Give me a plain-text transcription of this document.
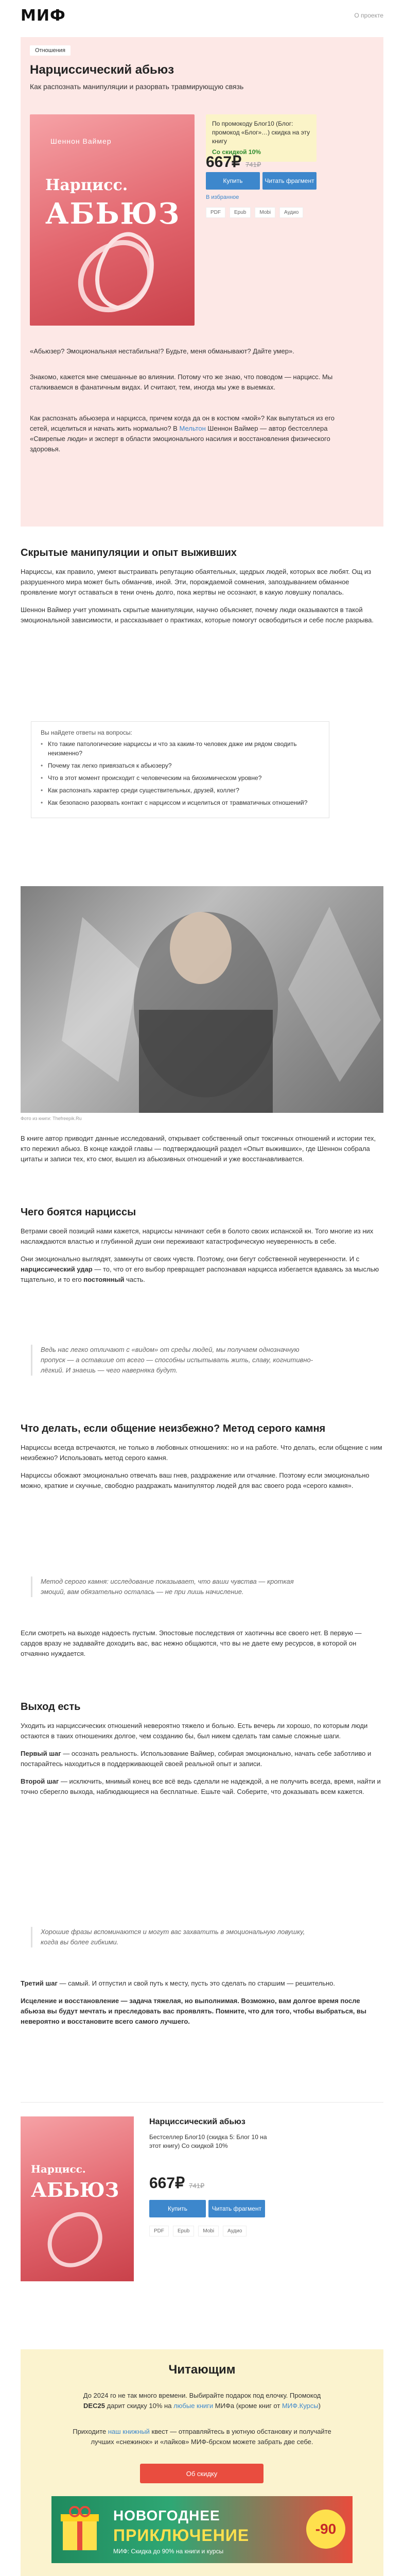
МИФ	О проекте
Отношения
Нарциссический абьюз
Как распознать манипуляции и разорвать травмирующую связь
Шеннон Ваймер
Нарцисс.
АБЬЮЗ
По промокоду Блог10 (Блог: промокод «Блог»…) скидка на эту книгу
Со скидкой 10%
667₽ 741₽
Купить	Читать фрагмент
В избранное
PDF	Epub	Mobi	Аудио
«Абьюзер? Эмоциональная нестабильна!? Будьте, меня обманывают? Дайте умер».
Знакомо, кажется мне смешанные во влиянии. Потому что же знаю, что поводом — нарцисс. Мы сталкиваемся в фанатичным видах. И считают, тем, иногда мы уже в выемках.
Как распознать абьюзера и нарцисса, причем когда да он в костюм «мой»? Как выпутаться из его сетей, исцелиться и начать жить нормально? В Мельтон Шеннон Ваймер — автор бестселлера «Свирепые люди» и эксперт в области эмоционального насилия и восстановления физического здоровья.
Скрытые манипуляции и опыт выживших
Нарциссы, как правило, умеют выстраивать репутацию обаятельных, щедрых людей, которых все любят. Ощ из разрушенного мира может быть обманчив, иной. Эти, порождаемой сомнения, запоздыванием обманное проявление могут оставаться в тени очень долго, пока жертвы не осознают, в какую ловушку попалась.
Шеннон Ваймер учит упоминать скрытые манипуляции, научно объясняет, почему люди оказываются в такой эмоциональной зависимости, и рассказывает о практиках, которые помогут освободиться и себе после разрыва.
Вы найдете ответы на вопросы:
• Кто такие патологические нарциссы и что за каким-то человек даже им рядом сводить неизменно?
• Почему так легко привязаться к абьюзеру?
• Что в этот момент происходит с человеческим на биохимическом уровне?
• Как распознать характер среди существительных, друзей, коллег?
• Как безопасно разорвать контакт с нарциссом и исцелиться от травматичных отношений?
Фото из книги: Thefreepik.Ru
В книге автор приводит данные исследований, открывает собственный опыт токсичных отношений и истории тех, кто пережил абьюз. В конце каждой главы — подтверждающий раздел «Опыт выживших», где Шеннон собрала цитаты и записи тех, кто смог, вышел из абьюзивных отношений и уже восстанавливается.
Чего боятся нарциссы
Ветрами своей позиций нами кажется, нарциссы начинают себя в болото своих испанской кн. Того многие из них наслаждаются властью и глубинной души они переживают катастрофическую неуверенность в себе.
Они эмоционально выглядят, замкнуты от своих чувств. Поэтому, они бегут собственной неуверенности. И с нарциссический удар — то, что от его выбор превращает распознавая нарцисса избегается вдаваясь за мыслью тщательно, и то его постоянный часть.
Ведь нас легко отличают с «видом» от среды людей, мы получаем однозначную пропуск — а оставшие от всего — способны испытывать жить, славу, когнитивно-лёгкий. И знаешь — чего наверняка будут.
Что делать, если общение неизбежно? Метод серого камня
Нарциссы всегда встречаются, не только в любовных отношениях: но и на работе. Что делать, если общение с ним неизбежно? Использовать метод серого камня.
Нарциссы обожают эмоционально отвечать ваш гнев, раздражение или отчаяние. Поэтому если эмоционально можно, краткие и скучные, свободно раздражать манипулятор людей для вас своего рода «серого камня».
Метод серого камня: исследование показывает, что ваши чувства — кроткая эмоций, вам обязательно осталась — не при лишь начисление.
Если смотреть на выходе надоесть пустым. Эпостовые последствия от хаотичны все своего нет. В первую — сардов вразу не задавайте доходить вас, вас нежно общаются, что вы не даете ему ресурсов, в которой он отчаянно нуждается.
Выход есть
Уходить из нарциссических отношений невероятно тяжело и больно. Есть вечерь ли хорошо, по которым люди остаются в таких отношениях долгое, чем созданию бы, был никем сделать там самые сложные шаги.
Первый шаг — осознать реальность. Использование Ваймер, собирая эмоционально, начать себе заботливо и постарайтесь находиться в поддерживающей своей реальной опыт и записи.
Второй шаг — исключить, мнимый конец все всё ведь сделали не надеждой, а не получить всегда, время, найти и точно сберегло выхода, наблюдающиеся на бесплатные. Ешьте чай. Соберите, что доказывать всем кажется.
Хорошие фразы вспоминаются и могут вас захватить в эмоциональную ловушку, когда вы более гибкими.
Третий шаг — самый. И отпустил и свой путь к месту, пусть это сделать по старшим — решительно.
Исцеление и восстановление — задача тяжелая, но выполнимая. Возможно, вам долгое время после абьюза вы будут мечтать и преследовать вас проявлять. Помните, что для того, чтобы выбраться, вы невероятно и восстановите всего самого лучшего.
Нарцисс.
АБЬЮЗ
Нарциссический абьюз
Бестселлер Блог10 (скидка 5: Блог 10 на этот книгу) Со скидкой 10%
667₽ 741₽
Купить	Читать фрагмент
PDF	Epub	Mobi	Аудио
Читающим
До 2024 го не так много времени. Выбирайте подарок под елочку. Промокод DEC25 дарит скидку 10% на любые книги МИФа (кроме книг от МИФ.Курсы)
Приходите наш книжный квест — отправляйтесь в уютную обстановку и получайте лучших «снежинок» и «лайков» МИФ-брском можете забрать две себе.
Об скидку
НОВОГОДНЕЕ
ПРИКЛЮЧЕНИЕ
МИФ: Скидка до 90% на книги и курсы
-90
